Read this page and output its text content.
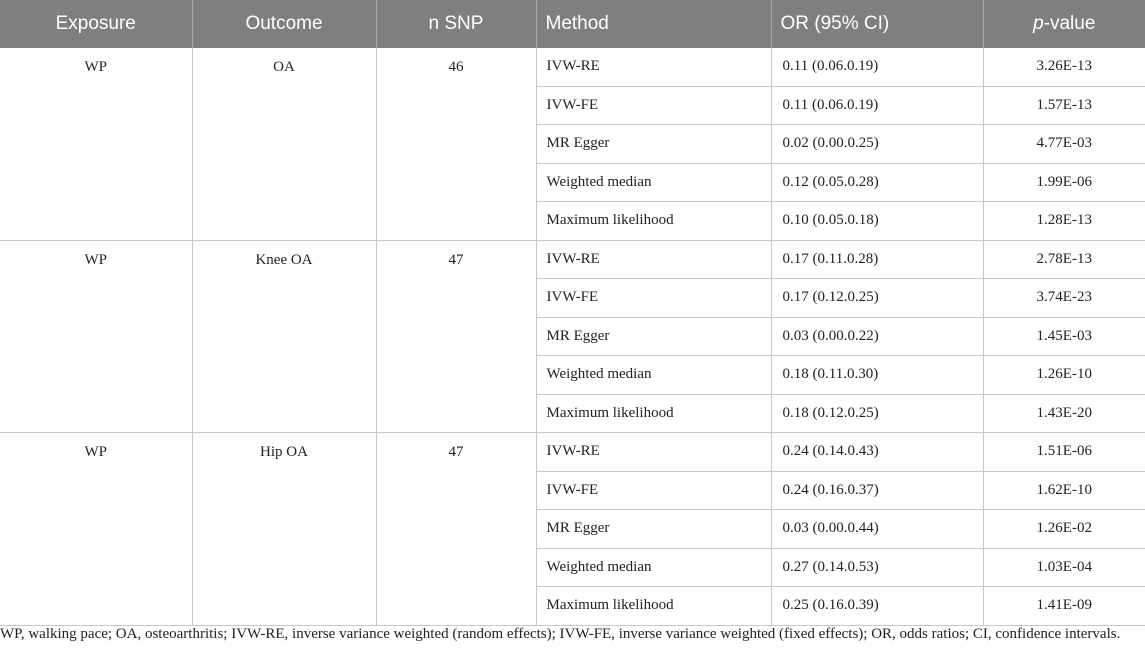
Exposure	Outcome	n SNP	Method	OR (95% CI)	p-value
WP	OA	46	IVW-RE	0.11 (0.06.0.19)	3.26E-13
			IVW-FE	0.11 (0.06.0.19)	1.57E-13
			MR Egger	0.02 (0.00.0.25)	4.77E-03
			Weighted median	0.12 (0.05.0.28)	1.99E-06
			Maximum likelihood	0.10 (0.05.0.18)	1.28E-13
WP	Knee OA	47	IVW-RE	0.17 (0.11.0.28)	2.78E-13
			IVW-FE	0.17 (0.12.0.25)	3.74E-23
			MR Egger	0.03 (0.00.0.22)	1.45E-03
			Weighted median	0.18 (0.11.0.30)	1.26E-10
			Maximum likelihood	0.18 (0.12.0.25)	1.43E-20
WP	Hip OA	47	IVW-RE	0.24 (0.14.0.43)	1.51E-06
			IVW-FE	0.24 (0.16.0.37)	1.62E-10
			MR Egger	0.03 (0.00.0.44)	1.26E-02
			Weighted median	0.27 (0.14.0.53)	1.03E-04
			Maximum likelihood	0.25 (0.16.0.39)	1.41E-09
WP, walking pace; OA, osteoarthritis; IVW-RE, inverse variance weighted (random effects); IVW-FE, inverse variance weighted (fixed effects); OR, odds ratios; CI, confidence intervals.
